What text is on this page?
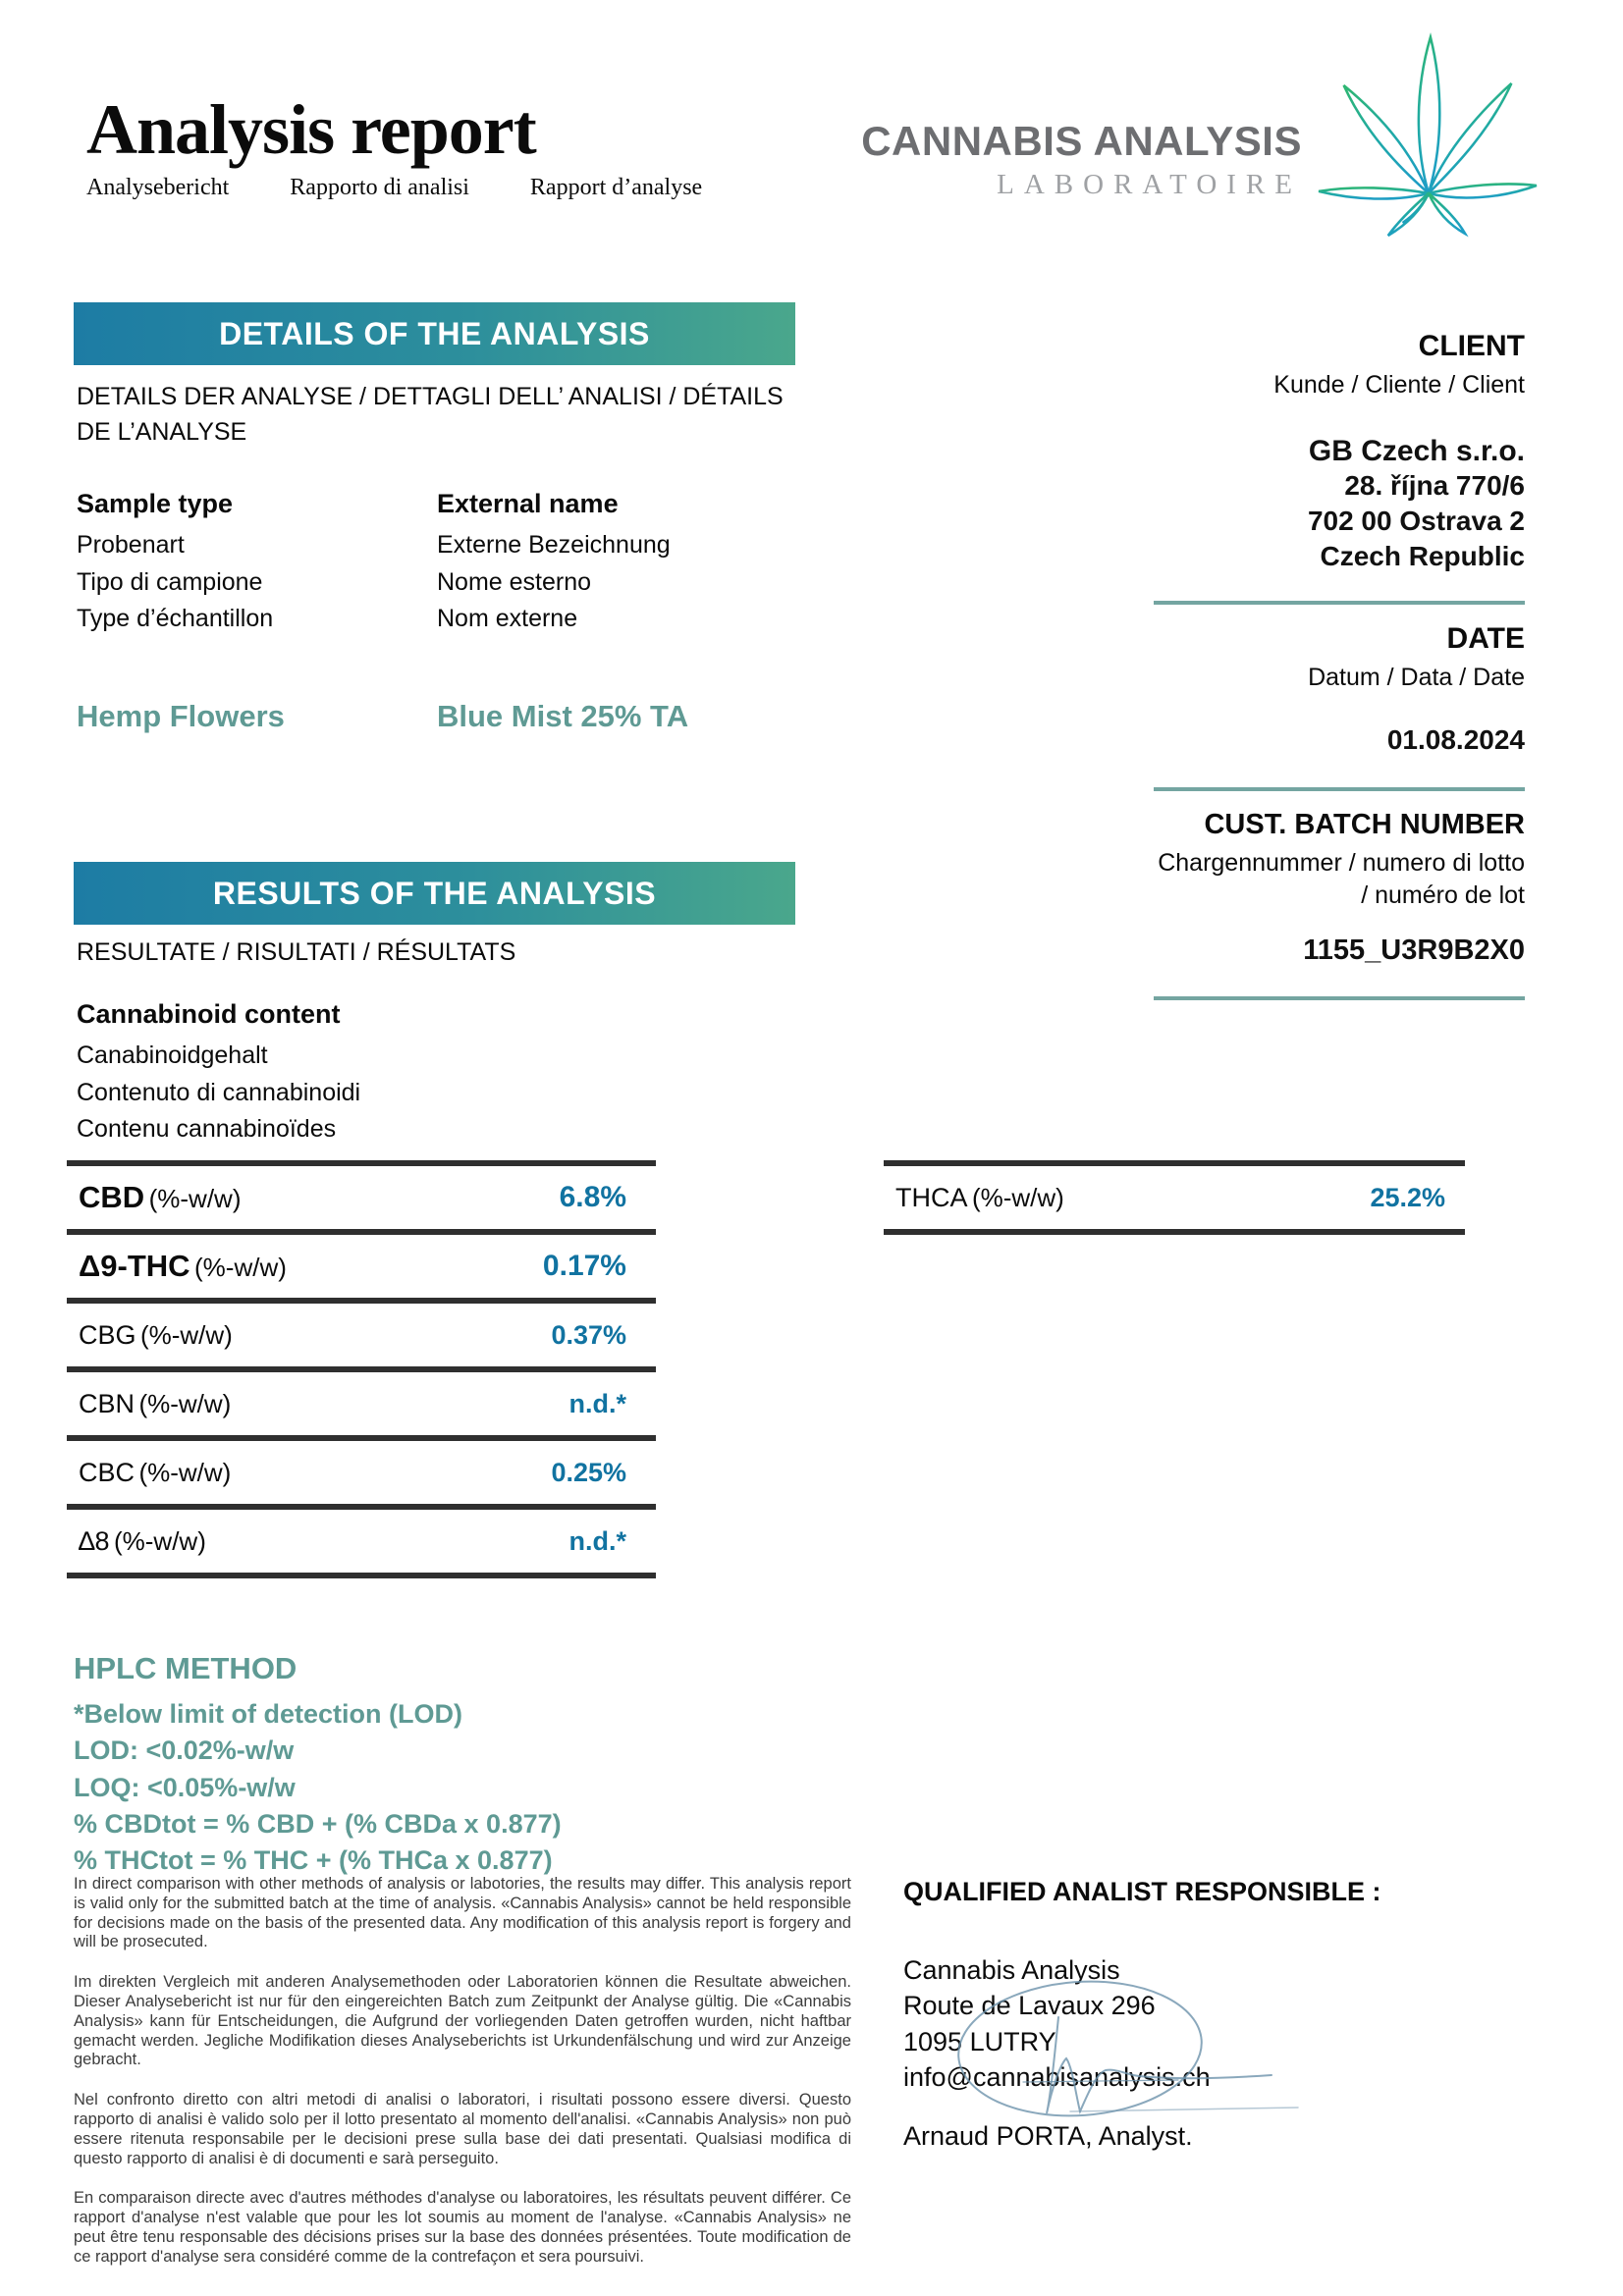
Analysis report
Analysebericht	Rapporto di analisi	Rapport d’analyse
CANNABIS ANALYSIS
LABORATOIRE
DETAILS OF THE ANALYSIS
DETAILS DER ANALYSE / DETTAGLI DELL’ ANALISI / DÉTAILS DE L’ANALYSE
Sample type
Probenart
Tipo di campione
Type d’échantillon
External name
Externe Bezeichnung
Nome esterno
Nom externe
Hemp Flowers	Blue Mist 25% TA
CLIENT
Kunde / Cliente / Client
GB Czech s.r.o.
28. října 770/6
702 00 Ostrava 2
Czech Republic
DATE
Datum / Data / Date
01.08.2024
CUST. BATCH NUMBER
Chargennummer / numero di lotto
/ numéro de lot
1155_U3R9B2X0
RESULTS OF THE ANALYSIS
RESULTATE / RISULTATI / RÉSULTATS
Cannabinoid content
Canabinoidgehalt
Contenuto di cannabinoidi
Contenu cannabinoïdes
CBD (%-w/w)	6.8%
Δ9-THC (%-w/w)	0.17%
CBG (%-w/w)	0.37%
CBN (%-w/w)	n.d.*
CBC (%-w/w)	0.25%
∆8 (%-w/w)	n.d.*
THCA (%-w/w)	25.2%
HPLC METHOD
*Below limit of detection (LOD)
LOD: <0.02%-w/w
LOQ: <0.05%-w/w
% CBDtot = % CBD + (% CBDa x 0.877)
% THCtot = % THC + (% THCa x 0.877)

In direct comparison with other methods of analysis or labotories, the results may differ. This analysis report is valid only for the submitted batch at the time of analysis. «Cannabis Analysis» cannot be held responsible for decisions made on the basis of the presented data. Any modification of this analysis report is forgery and will be prosecuted.

Im direkten Vergleich mit anderen Analysemethoden oder Laboratorien können die Resultate abweichen. Dieser Analysebericht ist nur für den eingereichten Batch zum Zeitpunkt der Analyse gültig. Die «Cannabis Analysis» kann für Entscheidungen, die Aufgrund der vorliegenden Daten getroffen wurden, nicht haftbar gemacht werden. Jegliche Modifikation dieses Analyseberichts ist Urkundenfälschung und wird zur Anzeige gebracht.

Nel confronto diretto con altri metodi di analisi o laboratori, i risultati possono essere diversi. Questo rapporto di analisi è valido solo per il lotto presentato al momento dell'analisi. «Cannabis Analysis» non può essere ritenuta responsabile per le decisioni prese sulla base dei dati presentati. Qualsiasi modifica di questo rapporto di analisi è di documenti e sarà perseguito.

En comparaison directe avec d'autres méthodes d'analyse ou laboratoires, les résultats peuvent différer. Ce rapport d'analyse n'est valable que pour les lot soumis au moment de l'analyse. «Cannabis Analysis» ne peut être tenu responsable des décisions prises sur la base des données présentées. Toute modification de ce rapport d'analyse sera considéré comme de la contrefaçon et sera poursuivi.

QUALIFIED ANALIST RESPONSIBLE :
Cannabis Analysis
Route de Lavaux 296
1095 LUTRY
info@cannabisanalysis.ch
Arnaud PORTA, Analyst.
